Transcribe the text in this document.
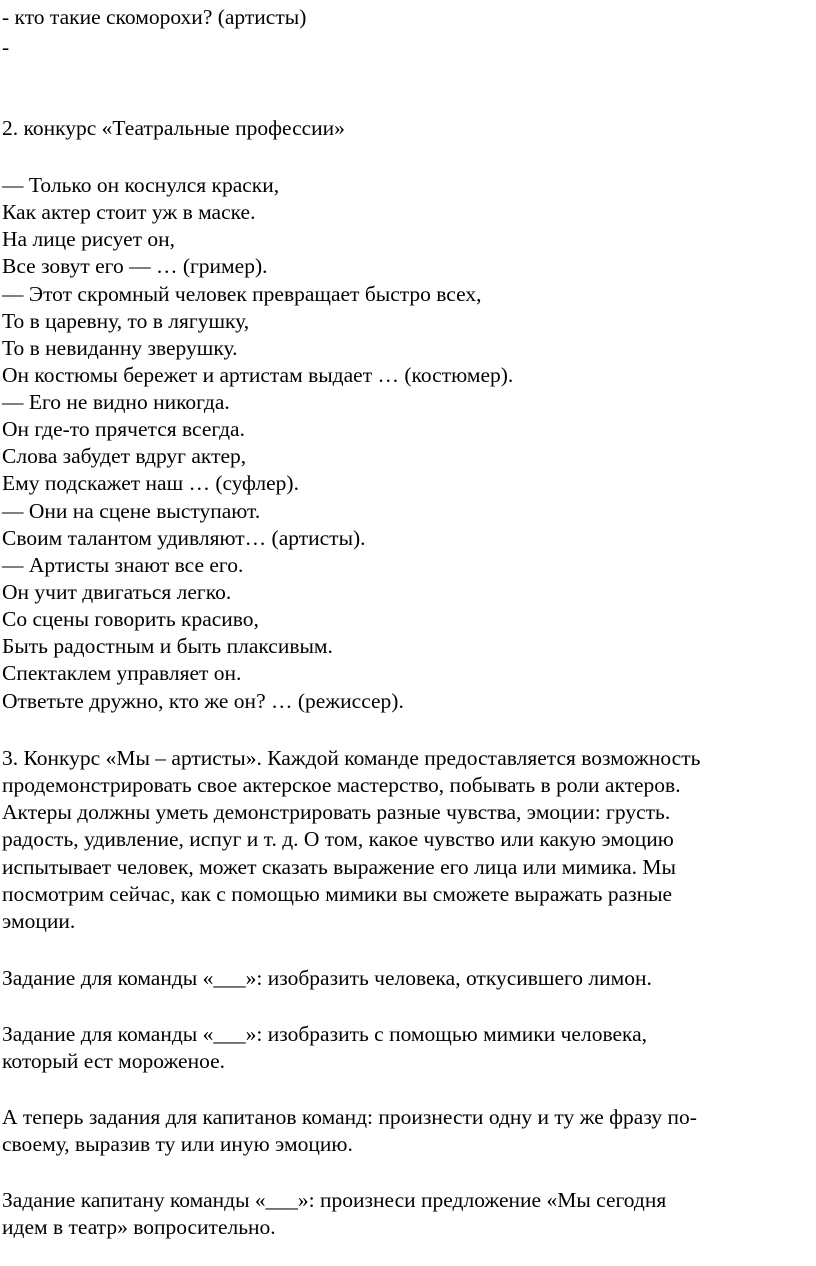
- кто такие скоморохи? (артисты)
-
2. конкурс «Театральные профессии»
— Только он коснулся краски,
Как актер стоит уж в маске.
На лице рисует он,
Все зовут его — … (гример).
— Этот скромный человек превращает быстро всех,
То в царевну, то в лягушку,
То в невиданну зверушку.
Он костюмы бережет и артистам выдает … (костюмер).
— Его не видно никогда.
Он где-то прячется всегда.
Слова забудет вдруг актер,
Ему подскажет наш … (суфлер).
— Они на сцене выступают.
Своим талантом удивляют… (артисты).
— Артисты знают все его.
Он учит двигаться легко.
Со сцены говорить красиво,
Быть радостным и быть плаксивым.
Спектаклем управляет он.
Ответьте дружно, кто же он? … (режиссер).
3. Конкурс «Мы – артисты». Каждой команде предоставляется возможность
продемонстрировать свое актерское мастерство, побывать в роли актеров.
Актеры должны уметь демонстрировать разные чувства, эмоции: грусть.
радость, удивление, испуг и т. д. О том, какое чувство или какую эмоцию
испытывает человек, может сказать выражение его лица или мимика. Мы
посмотрим сейчас, как с помощью мимики вы сможете выражать разные
эмоции.
Задание для команды «___»: изобразить человека, откусившего лимон.
Задание для команды «___»: изобразить с помощью мимики человека,
который ест мороженое.
А теперь задания для капитанов команд: произнести одну и ту же фразу по-
своему, выразив ту или иную эмоцию.
Задание капитану команды «___»: произнеси предложение «Мы сегодня
идем в театр» вопросительно.
